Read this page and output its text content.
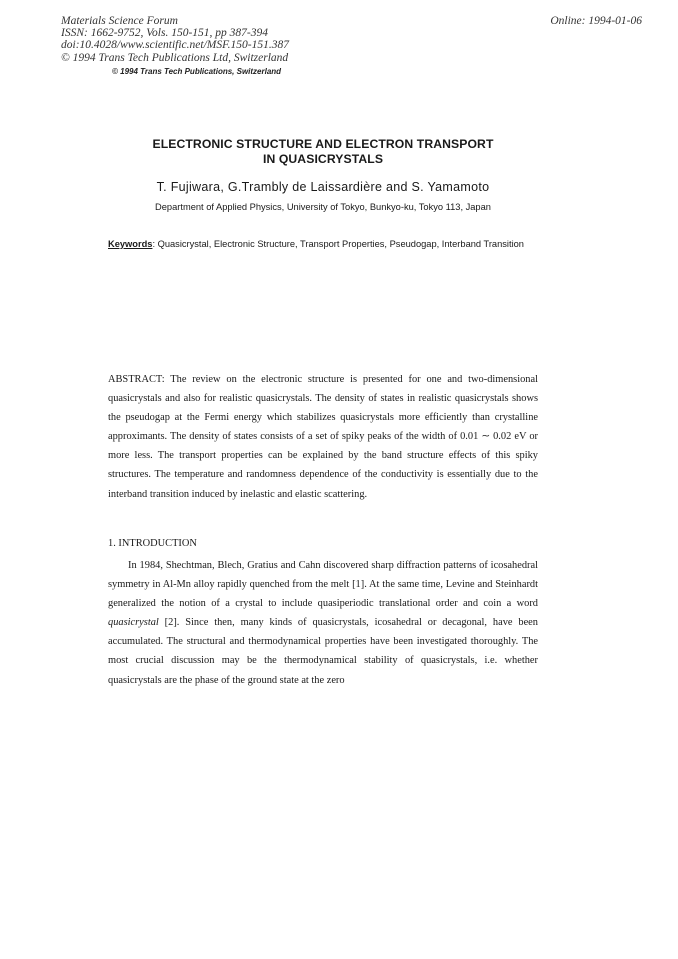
Materials Science Forum
ISSN: 1662-9752, Vols. 150-151, pp 387-394
doi:10.4028/www.scientific.net/MSF.150-151.387
© 1994 Trans Tech Publications Ltd, Switzerland
Online: 1994-01-06
© 1994 Trans Tech Publications, Switzerland
ELECTRONIC STRUCTURE AND ELECTRON TRANSPORT
IN QUASICRYSTALS
T. Fujiwara, G.Trambly de Laissardière and S. Yamamoto
Department of Applied Physics, University of Tokyo, Bunkyo-ku, Tokyo 113, Japan
Keywords: Quasicrystal, Electronic Structure, Transport Properties, Pseudogap, Interband Transition
ABSTRACT: The review on the electronic structure is presented for one and two-dimensional quasicrystals and also for realistic quasicrystals. The density of states in realistic quasicrystals shows the pseudogap at the Fermi energy which stabilizes quasicrystals more efficiently than crystalline approximants. The density of states consists of a set of spiky peaks of the width of 0.01 ∼ 0.02 eV or more less. The transport properties can be explained by the band structure effects of this spiky structures. The temperature and randomness dependence of the conductivity is essentially due to the interband transition induced by inelastic and elastic scattering.
1. INTRODUCTION
In 1984, Shechtman, Blech, Gratius and Cahn discovered sharp diffraction patterns of icosahedral symmetry in Al-Mn alloy rapidly quenched from the melt [1]. At the same time, Levine and Steinhardt generalized the notion of a crystal to include quasiperiodic translational order and coin a word quasicrystal [2]. Since then, many kinds of quasicrystals, icosahedral or decagonal, have been accumulated. The structural and thermodynamical properties have been investigated thoroughly. The most crucial discussion may be the thermodynamical stability of quasicrystals, i.e. whether quasicrystals are the phase of the ground state at the zero
